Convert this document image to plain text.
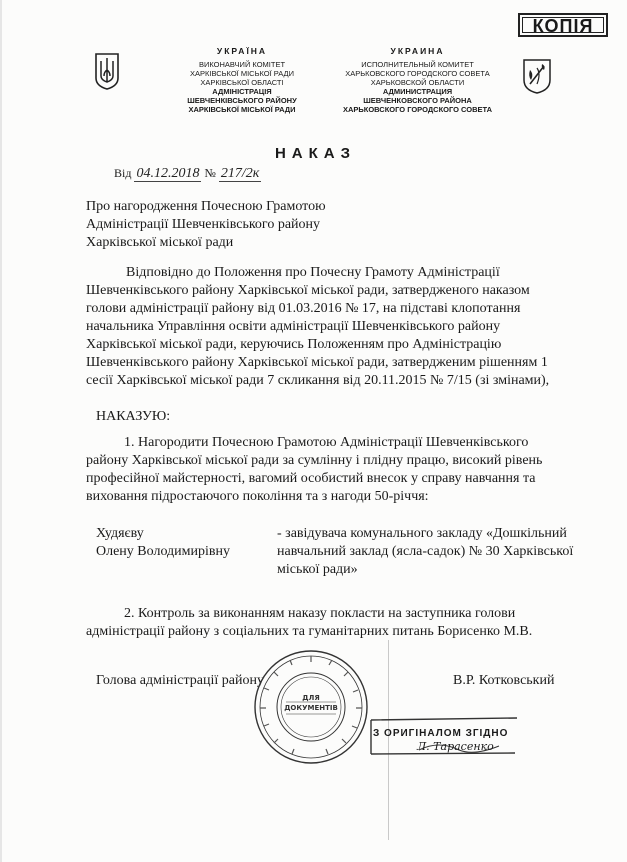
КОПІЯ
УКРАЇНА
ВИКОНАВЧИЙ КОМІТЕТ
ХАРКІВСЬКОЇ МІСЬКОЇ РАДИ
ХАРКІВСЬКОЇ ОБЛАСТІ
АДМІНІСТРАЦІЯ
ШЕВЧЕНКІВСЬКОГО РАЙОНУ
ХАРКІВСЬКОЇ МІСЬКОЇ РАДИ
УКРАИНА
ИСПОЛНИТЕЛЬНЫЙ КОМИТЕТ
ХАРЬКОВСКОГО ГОРОДСКОГО СОВЕТА
ХАРЬКОВСКОЙ ОБЛАСТИ
АДМИНИСТРАЦИЯ
ШЕВЧЕНКОВСКОГО РАЙОНА
ХАРЬКОВСКОГО ГОРОДСКОГО СОВЕТА
НАКАЗ
Від 04.12.2018 № 217/2к
Про нагородження Почесною Грамотою
Адміністрації Шевченківського району
Харківської міської ради
Відповідно до Положення про Почесну Грамоту Адміністрації
Шевченківського району Харківської міської ради, затвердженого наказом
голови адміністрації району від 01.03.2016 № 17, на підставі клопотання
начальника Управління освіти адміністрації Шевченківського району
Харківської міської ради, керуючись Положенням про Адміністрацію
Шевченківського району Харківської міської ради, затвердженим рішенням 1
сесії Харківської міської ради 7 скликання від 20.11.2015 № 7/15 (зі змінами),
НАКАЗУЮ:
1. Нагородити Почесною Грамотою Адміністрації Шевченківського
району Харківської міської ради за сумлінну і плідну працю, високий рівень
професійної майстерності, вагомий особистий внесок у справу навчання та
виховання підростаючого покоління та з нагоди 50-річчя:
Худяєву
Олену Володимирівну
- завідувача комунального закладу «Дошкільний
навчальний заклад (ясла-садок) № 30 Харківської
міської ради»
2. Контроль за виконанням наказу покласти на заступника голови
адміністрації району з соціальних та гуманітарних питань Борисенко М.В.
Голова адміністрації району	В.Р. Котковський
ДЛЯ
ДОКУМЕНТІВ
З ОРИГІНАЛОМ ЗГІДНО
Л. Тарасенко
